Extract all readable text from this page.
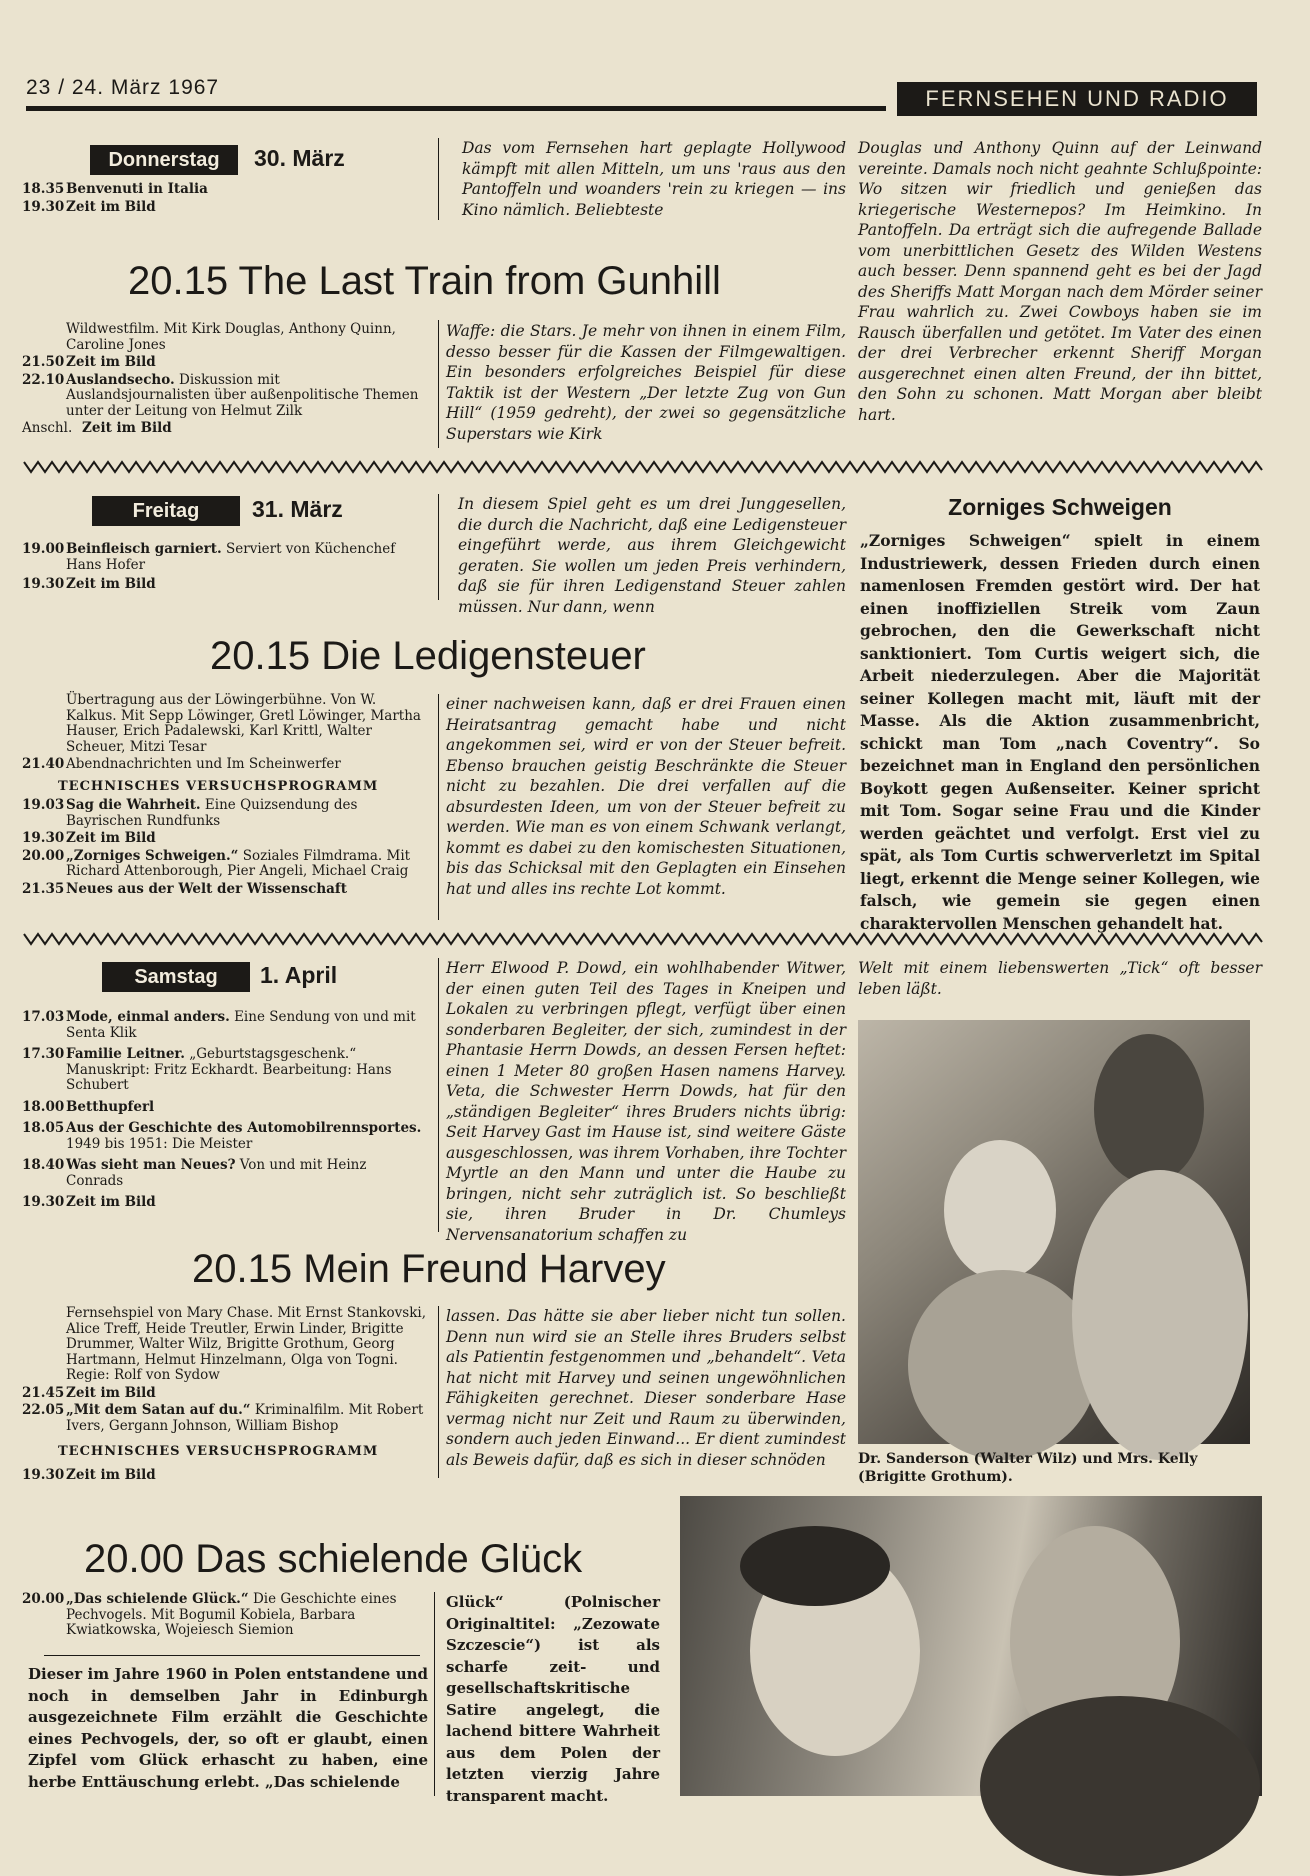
23 / 24. März 1967	FERNSEHEN UND RADIO
Donnerstag	30. März
18.35 Benvenuti in Italia
19.30 Zeit im Bild
Das vom Fernsehen hart geplagte Hollywood kämpft mit allen Mitteln, um uns 'raus aus den Pantoffeln und woanders 'rein zu kriegen — ins Kino nämlich. Beliebteste
20.15 The Last Train from Gunhill
Wildwestfilm. Mit Kirk Douglas, Anthony Quinn, Caroline Jones
21.50 Zeit im Bild
22.10 Auslandsecho. Diskussion mit Auslandsjournalisten über außenpolitische Themen unter der Leitung von Helmut Zilk
Anschl. Zeit im Bild
Waffe: die Stars. Je mehr von ihnen in einem Film, desso besser für die Kassen der Filmgewaltigen. Ein besonders erfolgreiches Beispiel für diese Taktik ist der Western „Der letzte Zug von Gun Hill“ (1959 gedreht), der zwei so gegensätzliche Superstars wie Kirk
Douglas und Anthony Quinn auf der Leinwand vereinte. Damals noch nicht geahnte Schlußpointe: Wo sitzen wir friedlich und genießen das kriegerische Westernepos? Im Heimkino. In Pantoffeln. Da erträgt sich die aufregende Ballade vom unerbittlichen Gesetz des Wilden Westens auch besser. Denn spannend geht es bei der Jagd des Sheriffs Matt Morgan nach dem Mörder seiner Frau wahrlich zu. Zwei Cowboys haben sie im Rausch überfallen und getötet. Im Vater des einen der drei Verbrecher erkennt Sheriff Morgan ausgerechnet einen alten Freund, der ihn bittet, den Sohn zu schonen. Matt Morgan aber bleibt hart.
Freitag	31. März
19.00 Beinfleisch garniert. Serviert von Küchenchef Hans Hofer
19.30 Zeit im Bild
In diesem Spiel geht es um drei Junggesellen, die durch die Nachricht, daß eine Ledigensteuer eingeführt werde, aus ihrem Gleichgewicht geraten. Sie wollen um jeden Preis verhindern, daß sie für ihren Ledigenstand Steuer zahlen müssen. Nur dann, wenn
20.15 Die Ledigensteuer
Übertragung aus der Löwingerbühne. Von W. Kalkus. Mit Sepp Löwinger, Gretl Löwinger, Martha Hauser, Erich Padalewski, Karl Krittl, Walter Scheuer, Mitzi Tesar
21.40 Abendnachrichten und Im Scheinwerfer
TECHNISCHES VERSUCHSPROGRAMM
19.03 Sag die Wahrheit. Eine Quizsendung des Bayrischen Rundfunks
19.30 Zeit im Bild
20.00 „Zorniges Schweigen.“ Soziales Filmdrama. Mit Richard Attenborough, Pier Angeli, Michael Craig
21.35 Neues aus der Welt der Wissenschaft
einer nachweisen kann, daß er drei Frauen einen Heiratsantrag gemacht habe und nicht angekommen sei, wird er von der Steuer befreit. Ebenso brauchen geistig Beschränkte die Steuer nicht zu bezahlen. Die drei verfallen auf die absurdesten Ideen, um von der Steuer befreit zu werden. Wie man es von einem Schwank verlangt, kommt es dabei zu den komischesten Situationen, bis das Schicksal mit den Geplagten ein Einsehen hat und alles ins rechte Lot kommt.
Zorniges Schweigen
„Zorniges Schweigen“ spielt in einem Industriewerk, dessen Frieden durch einen namenlosen Fremden gestört wird. Der hat einen inoffiziellen Streik vom Zaun gebrochen, den die Gewerkschaft nicht sanktioniert. Tom Curtis weigert sich, die Arbeit niederzulegen. Aber die Majorität seiner Kollegen macht mit, läuft mit der Masse. Als die Aktion zusammenbricht, schickt man Tom „nach Coventry“. So bezeichnet man in England den persönlichen Boykott gegen Außenseiter. Keiner spricht mit Tom. Sogar seine Frau und die Kinder werden geächtet und verfolgt. Erst viel zu spät, als Tom Curtis schwerverletzt im Spital liegt, erkennt die Menge seiner Kollegen, wie falsch, wie gemein sie gegen einen charaktervollen Menschen gehandelt hat.
Samstag	1. April
17.03 Mode, einmal anders. Eine Sendung von und mit Senta Klik
17.30 Familie Leitner. „Geburtstagsgeschenk.“ Manuskript: Fritz Eckhardt. Bearbeitung: Hans Schubert
18.00 Betthupferl
18.05 Aus der Geschichte des Automobilrennsportes. 1949 bis 1951: Die Meister
18.40 Was sieht man Neues? Von und mit Heinz Conrads
19.30 Zeit im Bild
Herr Elwood P. Dowd, ein wohlhabender Witwer, der einen guten Teil des Tages in Kneipen und Lokalen zu verbringen pflegt, verfügt über einen sonderbaren Begleiter, der sich, zumindest in der Phantasie Herrn Dowds, an dessen Fersen heftet: einen 1 Meter 80 großen Hasen namens Harvey. Veta, die Schwester Herrn Dowds, hat für den „ständigen Begleiter“ ihres Bruders nichts übrig: Seit Harvey Gast im Hause ist, sind weitere Gäste ausgeschlossen, was ihrem Vorhaben, ihre Tochter Myrtle an den Mann und unter die Haube zu bringen, nicht sehr zuträglich ist. So beschließt sie, ihren Bruder in Dr. Chumleys Nervensanatorium schaffen zu
20.15 Mein Freund Harvey
Fernsehspiel von Mary Chase. Mit Ernst Stankovski, Alice Treff, Heide Treutler, Erwin Linder, Brigitte Drummer, Walter Wilz, Brigitte Grothum, Georg Hartmann, Helmut Hinzelmann, Olga von Togni. Regie: Rolf von Sydow
21.45 Zeit im Bild
22.05 „Mit dem Satan auf du.“ Kriminalfilm. Mit Robert Ivers, Gergann Johnson, William Bishop
TECHNISCHES VERSUCHSPROGRAMM
19.30 Zeit im Bild
lassen. Das hätte sie aber lieber nicht tun sollen. Denn nun wird sie an Stelle ihres Bruders selbst als Patientin festgenommen und „behandelt“. Veta hat nicht mit Harvey und seinen ungewöhnlichen Fähigkeiten gerechnet. Dieser sonderbare Hase vermag nicht nur Zeit und Raum zu überwinden, sondern auch jeden Einwand... Er dient zumindest als Beweis dafür, daß es sich in dieser schnöden
Welt mit einem liebenswerten „Tick“ oft besser leben läßt.
Dr. Sanderson (Walter Wilz) und Mrs. Kelly (Brigitte Grothum).
20.00 Das schielende Glück
20.00 „Das schielende Glück.“ Die Geschichte eines Pechvogels. Mit Bogumil Kobiela, Barbara Kwiatkowska, Wojeiesch Siemion
Dieser im Jahre 1960 in Polen entstandene und noch in demselben Jahr in Edinburgh ausgezeichnete Film erzählt die Geschichte eines Pechvogels, der, so oft er glaubt, einen Zipfel vom Glück erhascht zu haben, eine herbe Enttäuschung erlebt. „Das schielende
Glück“ (Polnischer Originaltitel: „Zezowate Szczescie“) ist als scharfe zeit- und gesellschaftskritische Satire angelegt, die lachend bittere Wahrheit aus dem Polen der letzten vierzig Jahre transparent macht.
